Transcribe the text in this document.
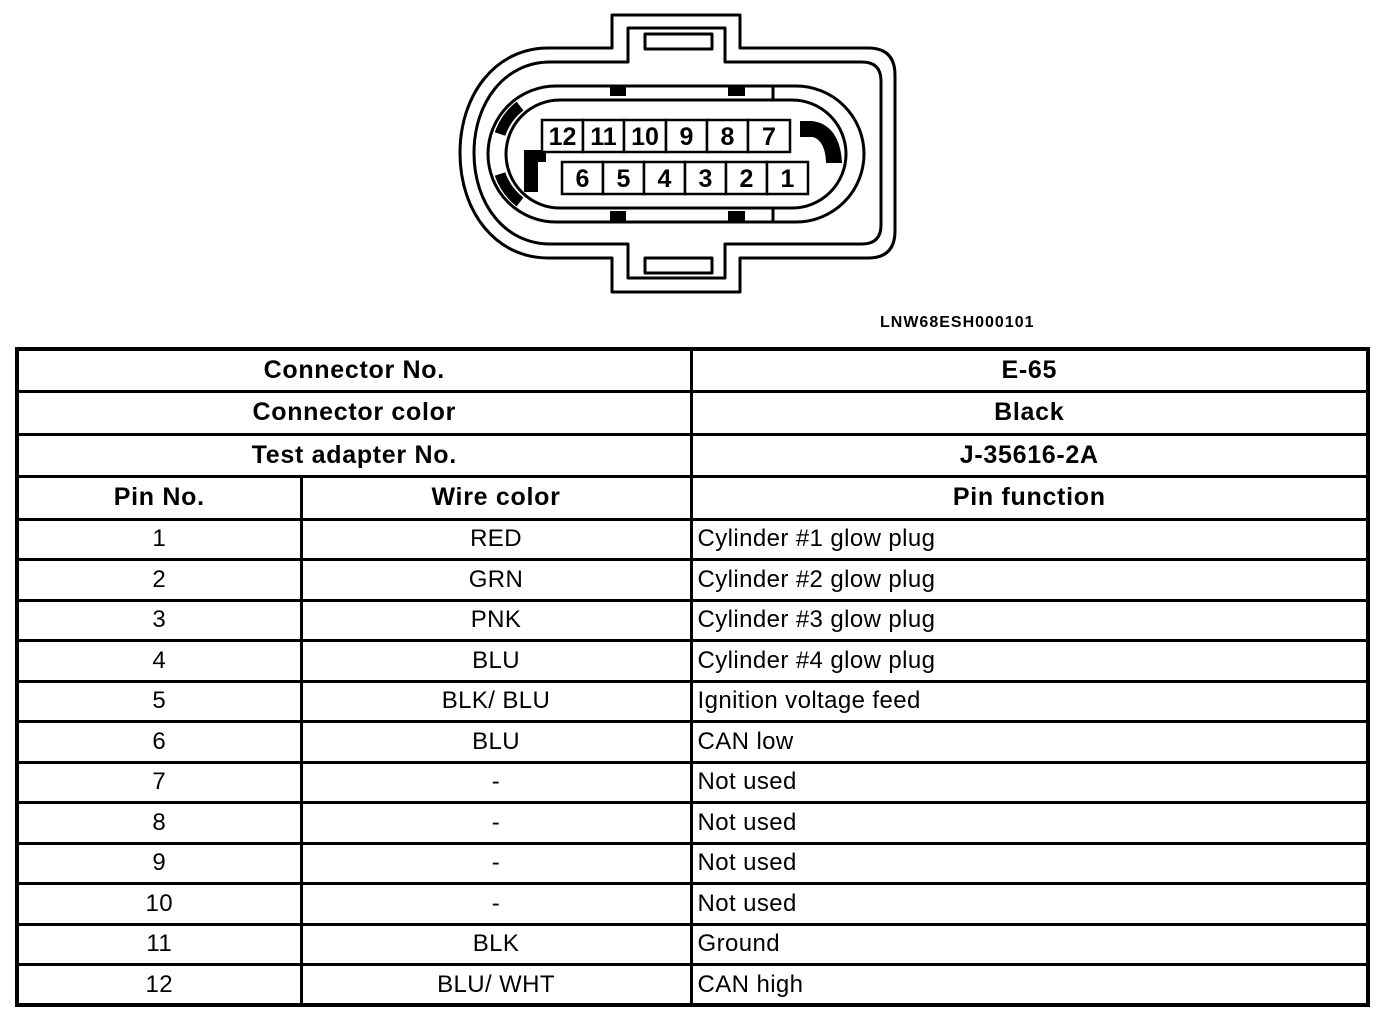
12 11 10 9 8 7
6 5 4 3 2 1
LNW68ESH000101
Connector No.		E-65
Connector color		Black
Test adapter No.		J-35616-2A
Pin No.	Wire color	Pin function
1	RED	Cylinder #1 glow plug
2	GRN	Cylinder #2 glow plug
3	PNK	Cylinder #3 glow plug
4	BLU	Cylinder #4 glow plug
5	BLK/ BLU	Ignition voltage feed
6	BLU	CAN low
7	-	Not used
8	-	Not used
9	-	Not used
10	-	Not used
11	BLK	Ground
12	BLU/ WHT	CAN high
